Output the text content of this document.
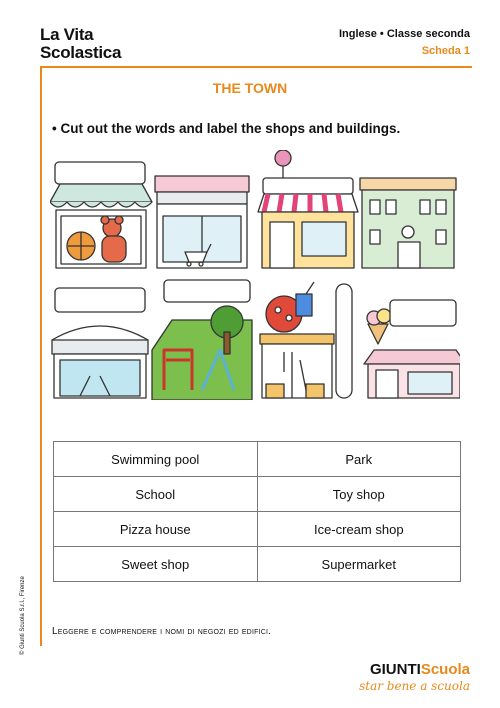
La Vita
Scolastica
Inglese • Classe seconda
Scheda 1
THE TOWN
• Cut out the words and label the shops and buildings.
Swimming pool	Park
School	Toy shop
Pizza house	Ice-cream shop
Sweet shop	Supermarket
Leggere e comprendere i nomi di negozi ed edifici.
© Giunti Scuola S.r.l., Firenze
GIUNTIScuola
star bene a scuola
